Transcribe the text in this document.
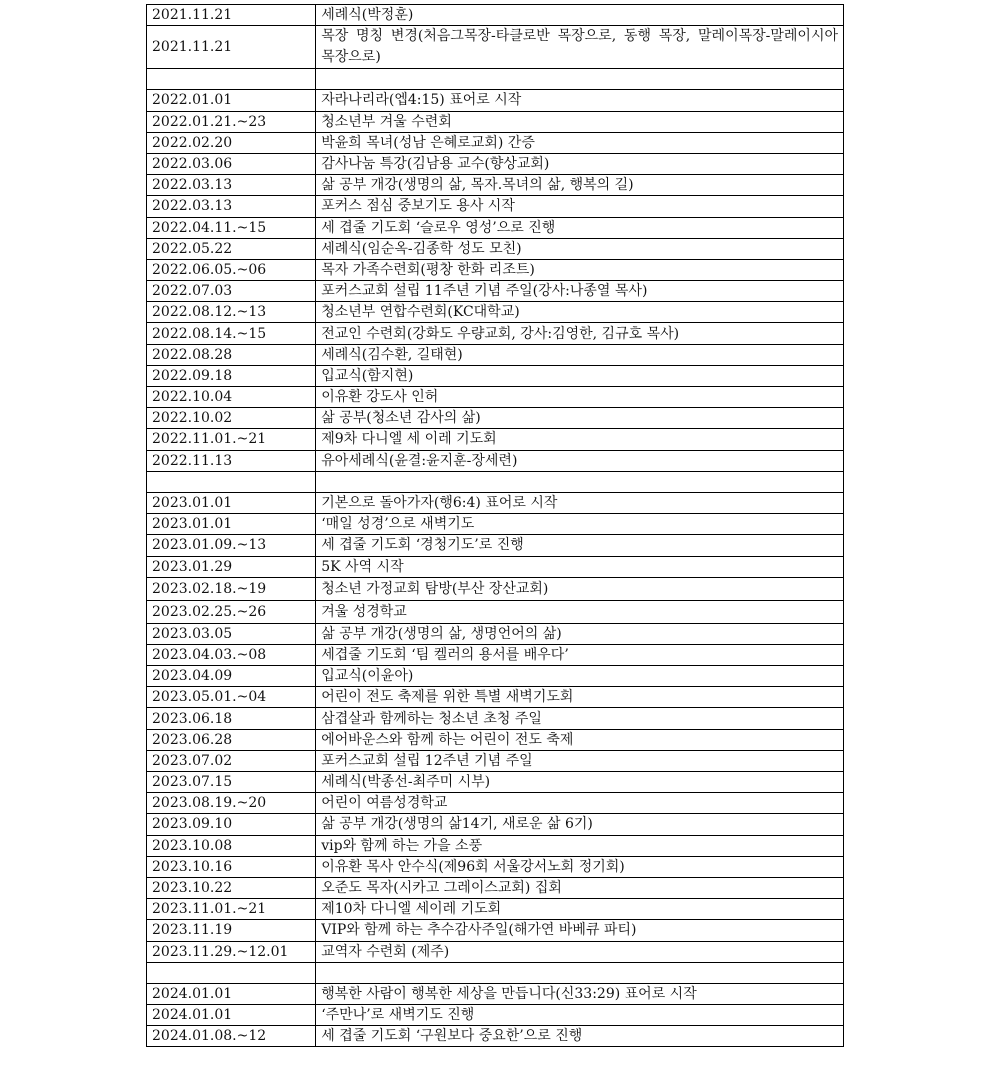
2021.11.21	세례식(박정훈)
2021.11.21	목장 명칭 변경(처음그목장-타클로반 목장으로, 동행 목장, 말레이목장-말레이시아 목장으로)

2022.01.01	자라나리라(엡4:15) 표어로 시작
2022.01.21.~23	청소년부 겨울 수련회
2022.02.20	박윤희 목녀(성남 은혜로교회) 간증
2022.03.06	감사나눔 특강(김남용 교수(향상교회)
2022.03.13	삶 공부 개강(생명의 삶, 목자.목녀의 삶, 행복의 길)
2022.03.13	포커스 점심 중보기도 용사 시작
2022.04.11.~15	세 겹줄 기도회 ‘슬로우 영성’으로 진행
2022.05.22	세례식(임순옥-김종학 성도 모친)
2022.06.05.~06	목자 가족수련회(평창 한화 리조트)
2022.07.03	포커스교회 설립 11주년 기념 주일(강사:나종열 목사)
2022.08.12.~13	청소년부 연합수련회(KC대학교)
2022.08.14.~15	전교인 수련회(강화도 우량교회, 강사:김영한, 김규호 목사)
2022.08.28	세례식(김수환, 길태현)
2022.09.18	입교식(함지현)
2022.10.04	이유환 강도사 인허
2022.10.02	삶 공부(청소년 감사의 삶)
2022.11.01.~21	제9차 다니엘 세 이레 기도회
2022.11.13	유아세례식(윤결:윤지훈-장세련)

2023.01.01	기본으로 돌아가자(행6:4) 표어로 시작
2023.01.01	‘매일 성경’으로 새벽기도
2023.01.09.~13	세 겹줄 기도회 ‘경청기도’로 진행
2023.01.29	5K 사역 시작
2023.02.18.~19	청소년 가정교회 탐방(부산 장산교회)
2023.02.25.~26	겨울 성경학교
2023.03.05	삶 공부 개강(생명의 삶, 생명언어의 삶)
2023.04.03.~08	세겹줄 기도회 ‘팀 켈러의 용서를 배우다’
2023.04.09	입교식(이윤아)
2023.05.01.~04	어린이 전도 축제를 위한 특별 새벽기도회
2023.06.18	삼겹살과 함께하는 청소년 초청 주일
2023.06.28	에어바운스와 함께 하는 어린이 전도 축제
2023.07.02	포커스교회 설립 12주년 기념 주일
2023.07.15	세례식(박종선-최주미 시부)
2023.08.19.~20	어린이 여름성경학교
2023.09.10	삶 공부 개강(생명의 삶14기, 새로운 삶 6기)
2023.10.08	vip와 함께 하는 가을 소풍
2023.10.16	이유환 목사 안수식(제96회 서울강서노회 정기회)
2023.10.22	오준도 목자(시카고 그레이스교회) 집회
2023.11.01.~21	제10차 다니엘 세이레 기도회
2023.11.19	VIP와 함께 하는 추수감사주일(해가연 바베큐 파티)
2023.11.29.~12.01	교역자 수련회 (제주)

2024.01.01	행복한 사람이 행복한 세상을 만듭니다(신33:29) 표어로 시작
2024.01.01	‘주만나’로 새벽기도 진행
2024.01.08.~12	세 겹줄 기도회 ‘구원보다 중요한’으로 진행
